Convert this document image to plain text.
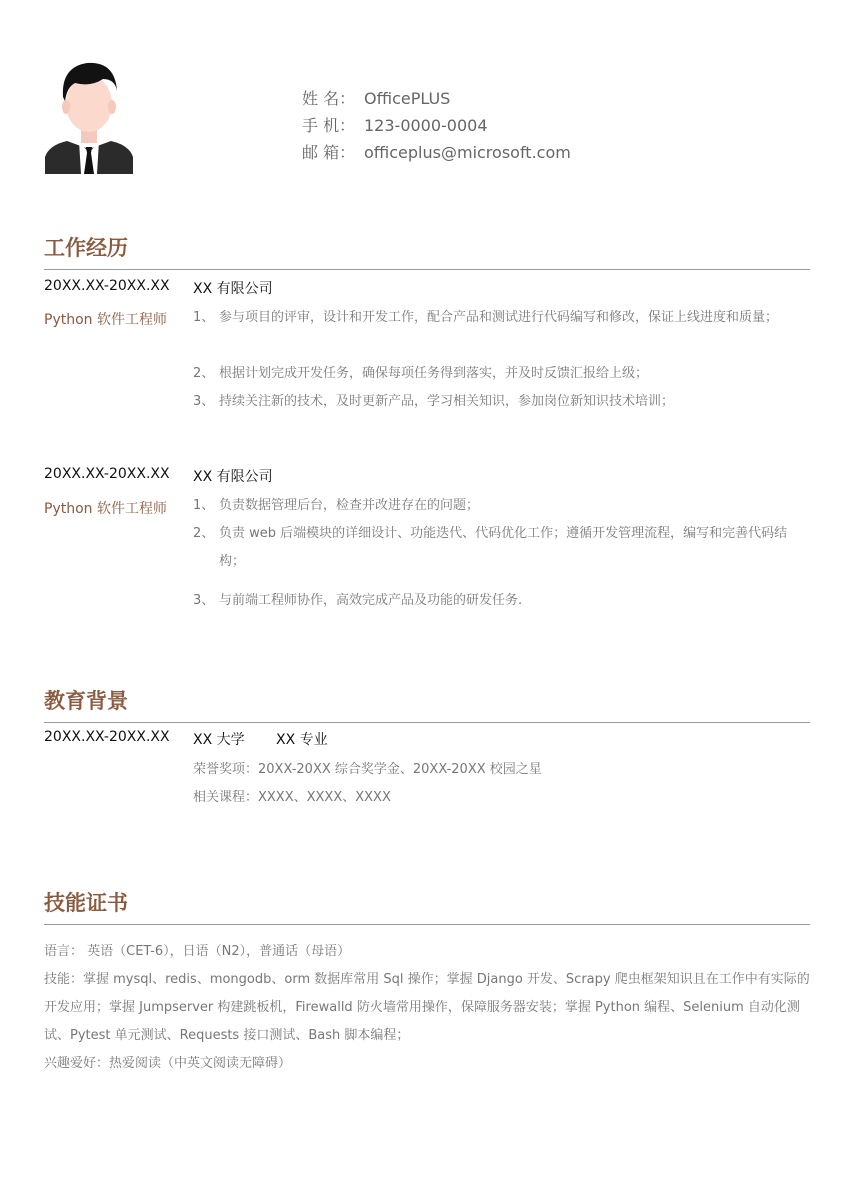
姓 名： OfficePLUS
手 机： 123-0000-0004
邮 箱： officeplus@microsoft.com
工作经历
20XX.XX-20XX.XX XX 有限公司
Python 软件工程师 1、 参与项目的评审，设计和开发工作，配合产品和测试进行代码编写和修改，保证上线进度和质量；
2、 根据计划完成开发任务，确保每项任务得到落实，并及时反馈汇报给上级；
3、 持续关注新的技术，及时更新产品，学习相关知识，参加岗位新知识技术培训；
20XX.XX-20XX.XX XX 有限公司
Python 软件工程师 1、 负责数据管理后台，检查并改进存在的问题；
2、 负责 web 后端模块的详细设计、功能迭代、代码优化工作；遵循开发管理流程，编写和完善代码结构；
3、 与前端工程师协作，高效完成产品及功能的研发任务.
教育背景
20XX.XX-20XX.XX XX 大学 XX 专业
荣誉奖项：20XX-20XX 综合奖学金、20XX-20XX 校园之星
相关课程：XXXX、XXXX、XXXX
技能证书
语言： 英语（CET-6），日语（N2），普通话（母语）
技能：掌握 mysql、redis、mongodb、orm 数据库常用 Sql 操作；掌握 Django 开发、Scrapy 爬虫框架知识且在工作中有实际的开发应用；掌握 Jumpserver 构建跳板机，Firewalld 防火墙常用操作，保障服务器安装；掌握 Python 编程、Selenium 自动化测试、Pytest 单元测试、Requests 接口测试、Bash 脚本编程；
兴趣爱好：热爱阅读（中英文阅读无障碍）
